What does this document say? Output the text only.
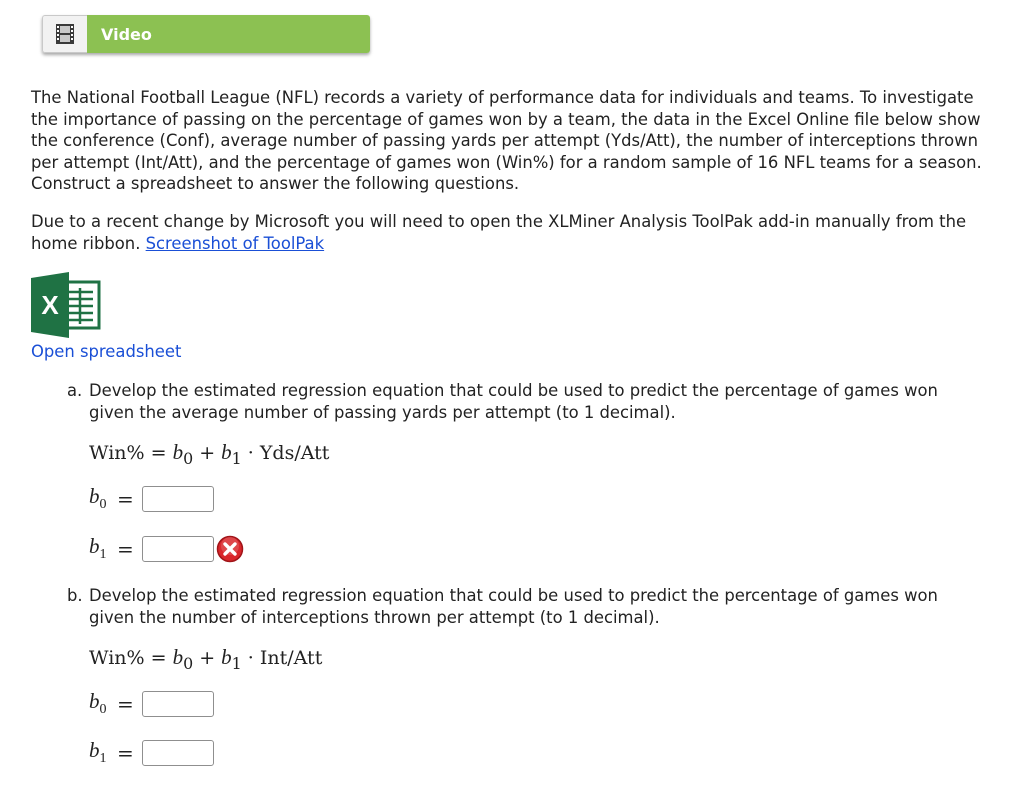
Video

The National Football League (NFL) records a variety of performance data for individuals and teams. To investigate the importance of passing on the percentage of games won by a team, the data in the Excel Online file below show the conference (Conf), average number of passing yards per attempt (Yds/Att), the number of interceptions thrown per attempt (Int/Att), and the percentage of games won (Win%) for a random sample of 16 NFL teams for a season. Construct a spreadsheet to answer the following questions.

Due to a recent change by Microsoft you will need to open the XLMiner Analysis ToolPak add-in manually from the home ribbon. Screenshot of ToolPak

X
Open spreadsheet
a. Develop the estimated regression equation that could be used to predict the percentage of games won given the average number of passing yards per attempt (to 1 decimal).
$Win\% = b_0 + b_1 \cdot Yds/Att$
$b_0$ =
$b_1$ =
b. Develop the estimated regression equation that could be used to predict the percentage of games won given the number of interceptions thrown per attempt (to 1 decimal).
$Win\% = b_0 + b_1 \cdot Int/Att$
$b_0$ =
$b_1$ =
